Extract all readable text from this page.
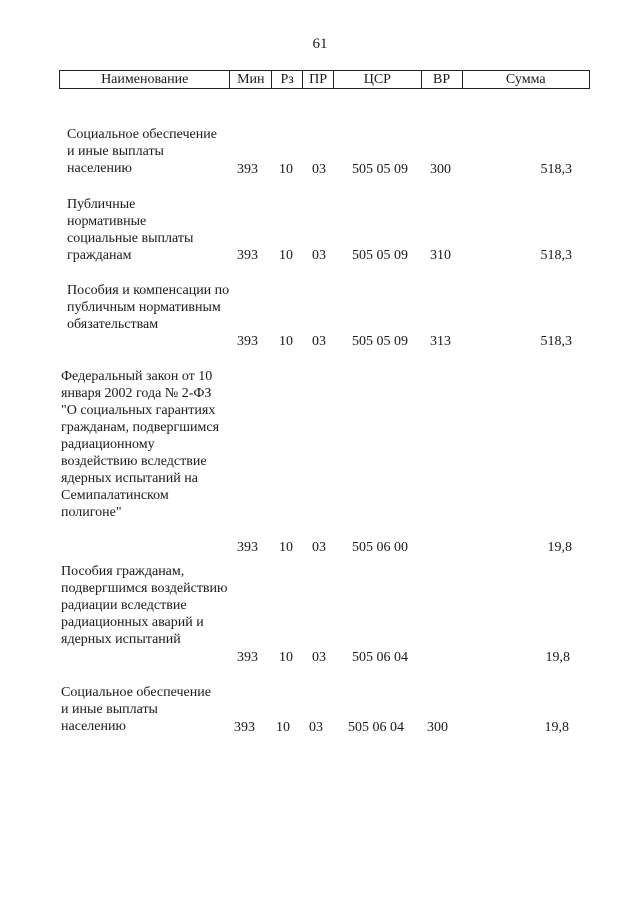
61
Наименование	Мин	Рз	ПР	ЦСР	ВР	Сумма
Социальное обеспечение и иные выплаты населению	393 10 03 505 05 09 300	518,3
Публичные нормативные социальные выплаты гражданам	393 10 03 505 05 09 310	518,3
Пособия и компенсации по публичным нормативным обязательствам
393 10 03 505 05 09 313	518,3
Федеральный закон от 10 января 2002 года № 2-ФЗ "О социальных гарантиях гражданам, подвергшимся радиационному воздействию вследствие ядерных испытаний на Семипалатинском полигоне"
393 10 03 505 06 00	19,8
Пособия гражданам, подвергшимся воздействию радиации вследствие радиационных аварий и ядерных испытаний
393 10 03 505 06 04	19,8
Социальное обеспечение и иные выплаты населению	393 10 03 505 06 04 300	19,8
